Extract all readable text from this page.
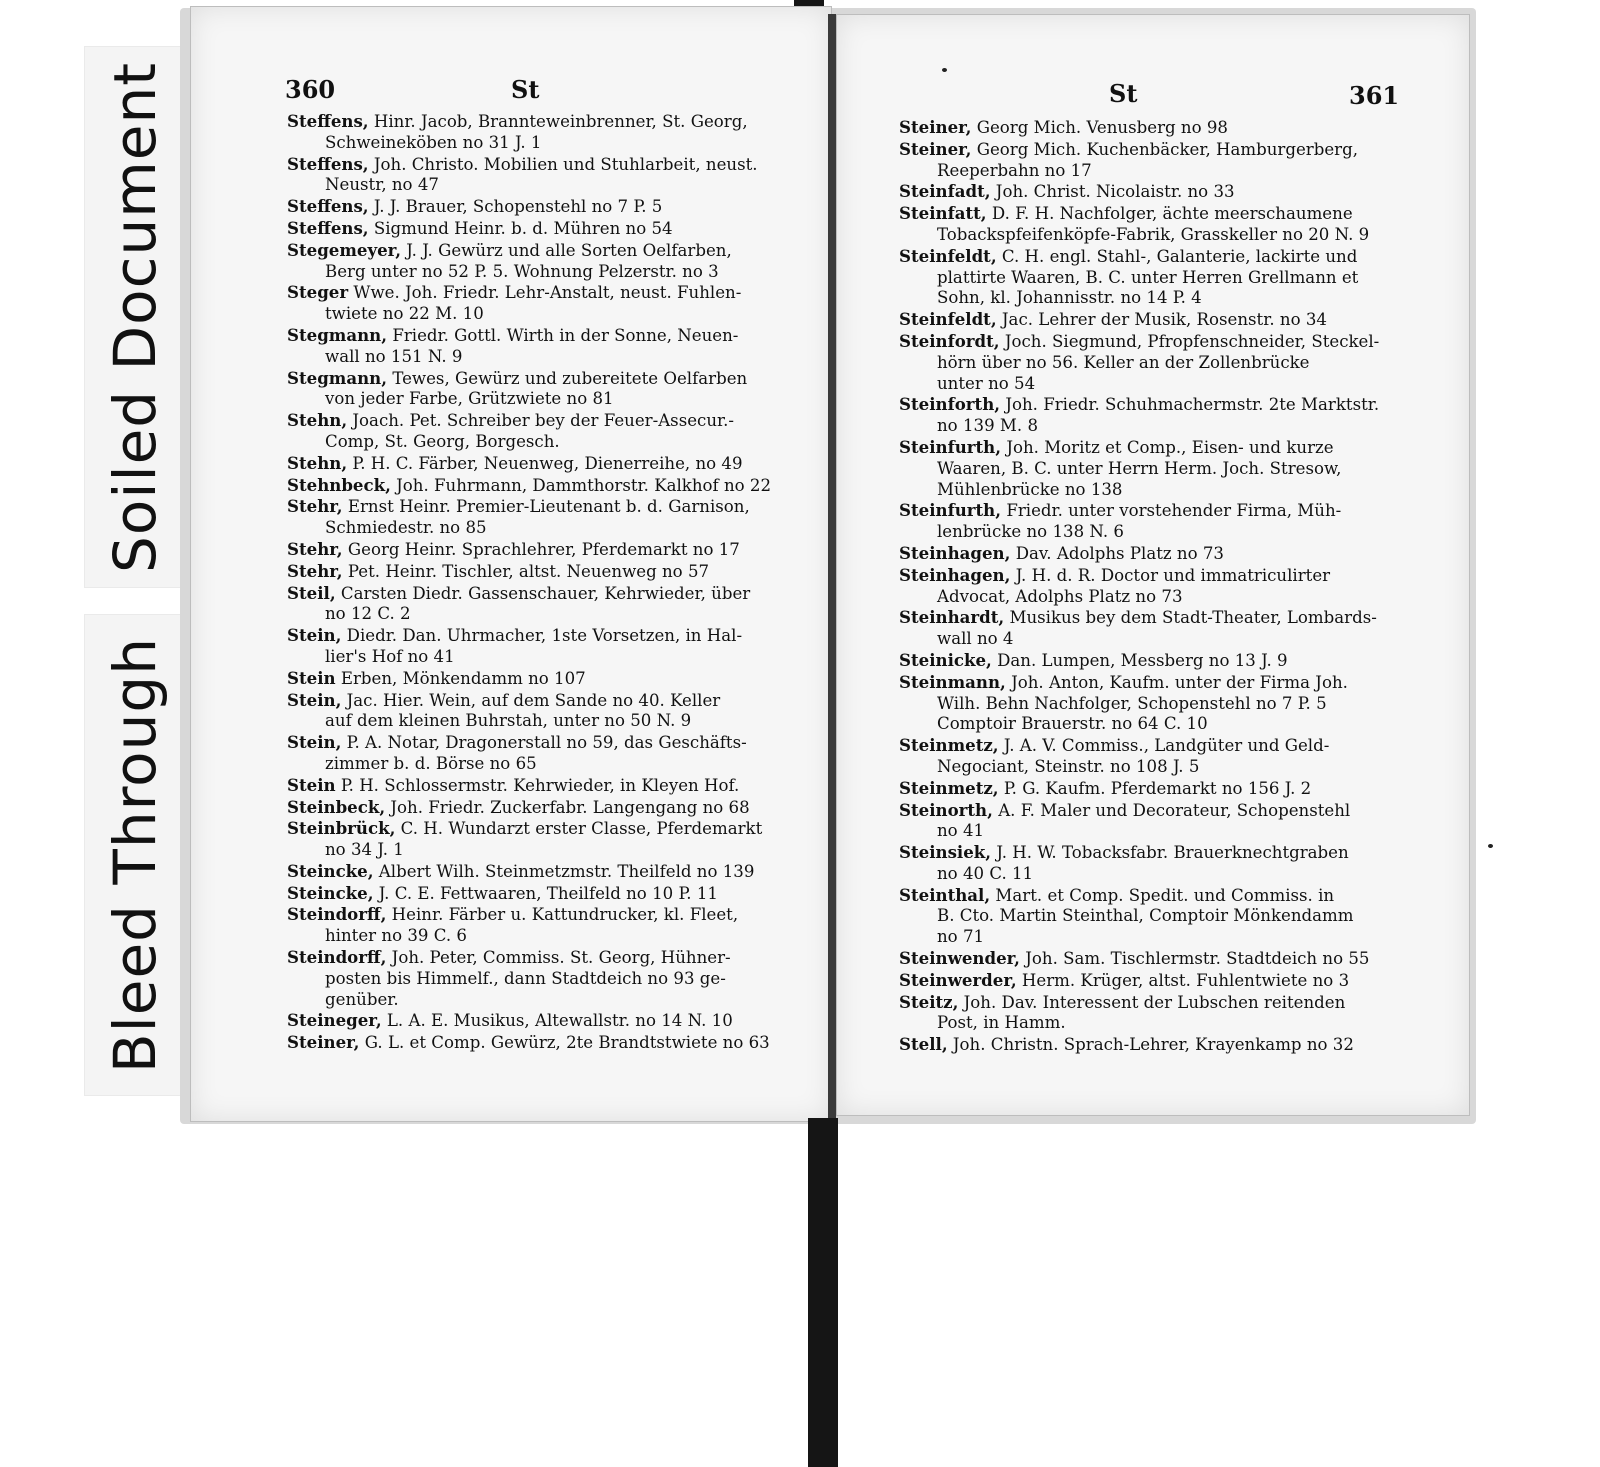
Soiled Document
Bleed Through
360	St
Steffens, Hinr. Jacob, Brannteweinbrenner, St. Georg,
Schweineköben no 31 J. 1
Steffens, Joh. Christo. Mobilien und Stuhlarbeit, neust.
Neustr, no 47
Steffens, J. J. Brauer, Schopenstehl no 7 P. 5
Steffens, Sigmund Heinr. b. d. Mühren no 54
Stegemeyer, J. J. Gewürz und alle Sorten Oelfarben,
Berg unter no 52 P. 5. Wohnung Pelzerstr. no 3
Steger Wwe. Joh. Friedr. Lehr-Anstalt, neust. Fuhlen-
twiete no 22 M. 10
Stegmann, Friedr. Gottl. Wirth in der Sonne, Neuen-
wall no 151 N. 9
Stegmann, Tewes, Gewürz und zubereitete Oelfarben
von jeder Farbe, Grützwiete no 81
Stehn, Joach. Pet. Schreiber bey der Feuer-Assecur.-
Comp, St. Georg, Borgesch.
Stehn, P. H. C. Färber, Neuenweg, Dienerreihe, no 49
Stehnbeck, Joh. Fuhrmann, Dammthorstr. Kalkhof no 22
Stehr, Ernst Heinr. Premier-Lieutenant b. d. Garnison,
Schmiedestr. no 85
Stehr, Georg Heinr. Sprachlehrer, Pferdemarkt no 17
Stehr, Pet. Heinr. Tischler, altst. Neuenweg no 57
Steil, Carsten Diedr. Gassenschauer, Kehrwieder, über
no 12 C. 2
Stein, Diedr. Dan. Uhrmacher, 1ste Vorsetzen, in Hal-
lier's Hof no 41
Stein Erben, Mönkendamm no 107
Stein, Jac. Hier. Wein, auf dem Sande no 40. Keller
auf dem kleinen Buhrstah, unter no 50 N. 9
Stein, P. A. Notar, Dragonerstall no 59, das Geschäfts-
zimmer b. d. Börse no 65
Stein P. H. Schlossermstr. Kehrwieder, in Kleyen Hof.
Steinbeck, Joh. Friedr. Zuckerfabr. Langengang no 68
Steinbrück, C. H. Wundarzt erster Classe, Pferdemarkt
no 34 J. 1
Steincke, Albert Wilh. Steinmetzmstr. Theilfeld no 139
Steincke, J. C. E. Fettwaaren, Theilfeld no 10 P. 11
Steindorff, Heinr. Färber u. Kattundrucker, kl. Fleet,
hinter no 39 C. 6
Steindorff, Joh. Peter, Commiss. St. Georg, Hühner-
posten bis Himmelf., dann Stadtdeich no 93 ge-
genüber.
Steineger, L. A. E. Musikus, Altewallstr. no 14 N. 10
Steiner, G. L. et Comp. Gewürz, 2te Brandtstwiete no 63
St	361
Steiner, Georg Mich. Venusberg no 98
Steiner, Georg Mich. Kuchenbäcker, Hamburgerberg,
Reeperbahn no 17
Steinfadt, Joh. Christ. Nicolaistr. no 33
Steinfatt, D. F. H. Nachfolger, ächte meerschaumene
Tobackspfeifenköpfe-Fabrik, Grasskeller no 20 N. 9
Steinfeldt, C. H. engl. Stahl-, Galanterie, lackirte und
plattirte Waaren, B. C. unter Herren Grellmann et
Sohn, kl. Johannisstr. no 14 P. 4
Steinfeldt, Jac. Lehrer der Musik, Rosenstr. no 34
Steinfordt, Joch. Siegmund, Pfropfenschneider, Steckel-
hörn über no 56. Keller an der Zollenbrücke
unter no 54
Steinforth, Joh. Friedr. Schuhmachermstr. 2te Marktstr.
no 139 M. 8
Steinfurth, Joh. Moritz et Comp., Eisen- und kurze
Waaren, B. C. unter Herrn Herm. Joch. Stresow,
Mühlenbrücke no 138
Steinfurth, Friedr. unter vorstehender Firma, Müh-
lenbrücke no 138 N. 6
Steinhagen, Dav. Adolphs Platz no 73
Steinhagen, J. H. d. R. Doctor und immatriculirter
Advocat, Adolphs Platz no 73
Steinhardt, Musikus bey dem Stadt-Theater, Lombards-
wall no 4
Steinicke, Dan. Lumpen, Messberg no 13 J. 9
Steinmann, Joh. Anton, Kaufm. unter der Firma Joh.
Wilh. Behn Nachfolger, Schopenstehl no 7 P. 5
Comptoir Brauerstr. no 64 C. 10
Steinmetz, J. A. V. Commiss., Landgüter und Geld-
Negociant, Steinstr. no 108 J. 5
Steinmetz, P. G. Kaufm. Pferdemarkt no 156 J. 2
Steinorth, A. F. Maler und Decorateur, Schopenstehl
no 41
Steinsiek, J. H. W. Tobacksfabr. Brauerknechtgraben
no 40 C. 11
Steinthal, Mart. et Comp. Spedit. und Commiss. in
B. Cto. Martin Steinthal, Comptoir Mönkendamm
no 71
Steinwender, Joh. Sam. Tischlermstr. Stadtdeich no 55
Steinwerder, Herm. Krüger, altst. Fuhlentwiete no 3
Steitz, Joh. Dav. Interessent der Lubschen reitenden
Post, in Hamm.
Stell, Joh. Christn. Sprach-Lehrer, Krayenkamp no 32
